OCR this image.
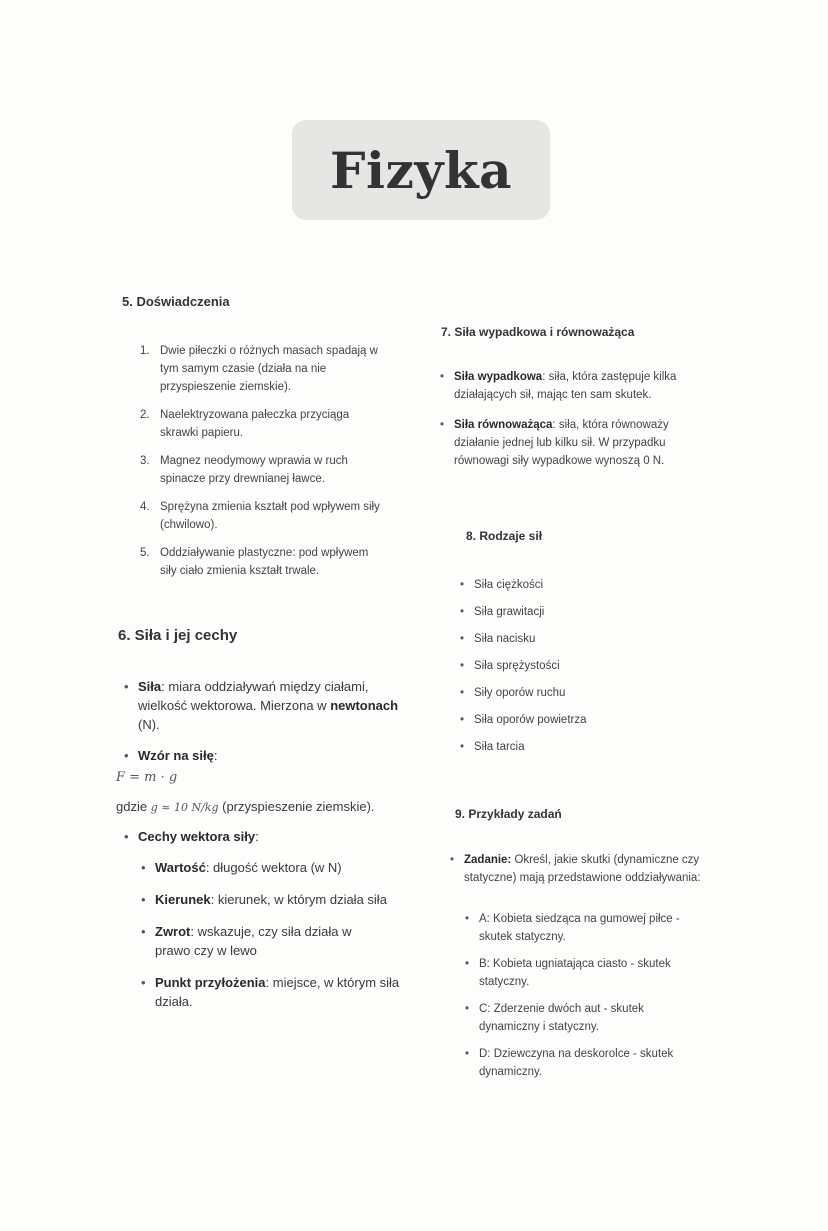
Fizyka
5. Doświadczenia
1. Dwie piłeczki o różnych masach spadają w tym samym czasie (działa na nie przyspieszenie ziemskie).
2. Naelektryzowana pałeczka przyciąga skrawki papieru.
3. Magnez neodymowy wprawia w ruch spinacze przy drewnianej ławce.
4. Sprężyna zmienia kształt pod wpływem siły (chwilowo).
5. Oddziaływanie plastyczne: pod wpływem siły ciało zmienia kształt trwale.
6. Siła i jej cechy
• Siła: miara oddziaływań między ciałami, wielkość wektorowa. Mierzona w newtonach (N).
• Wzór na siłę:
F = m · g
gdzie g ≈ 10 N/kg (przyspieszenie ziemskie).
• Cechy wektora siły:
• Wartość: długość wektora (w N)
• Kierunek: kierunek, w którym działa siła
• Zwrot: wskazuje, czy siła działa w prawo czy w lewo
• Punkt przyłożenia: miejsce, w którym siła działa.
7. Siła wypadkowa i równoważąca
• Siła wypadkowa: siła, która zastępuje kilka działających sił, mając ten sam skutek.
• Siła równoważąca: siła, która równoważy działanie jednej lub kilku sił. W przypadku równowagi siły wypadkowe wynoszą 0 N.
8. Rodzaje sił
• Siła ciężkości
• Siła grawitacji
• Siła nacisku
• Siła sprężystości
• Siły oporów ruchu
• Siła oporów powietrza
• Siła tarcia
9. Przykłady zadań
• Zadanie: Określ, jakie skutki (dynamiczne czy statyczne) mają przedstawione oddziaływania:
• A: Kobieta siedząca na gumowej piłce - skutek statyczny.
• B: Kobieta ugniatająca ciasto - skutek statyczny.
• C: Zderzenie dwóch aut - skutek dynamiczny i statyczny.
• D: Dziewczyna na deskorolce - skutek dynamiczny.
